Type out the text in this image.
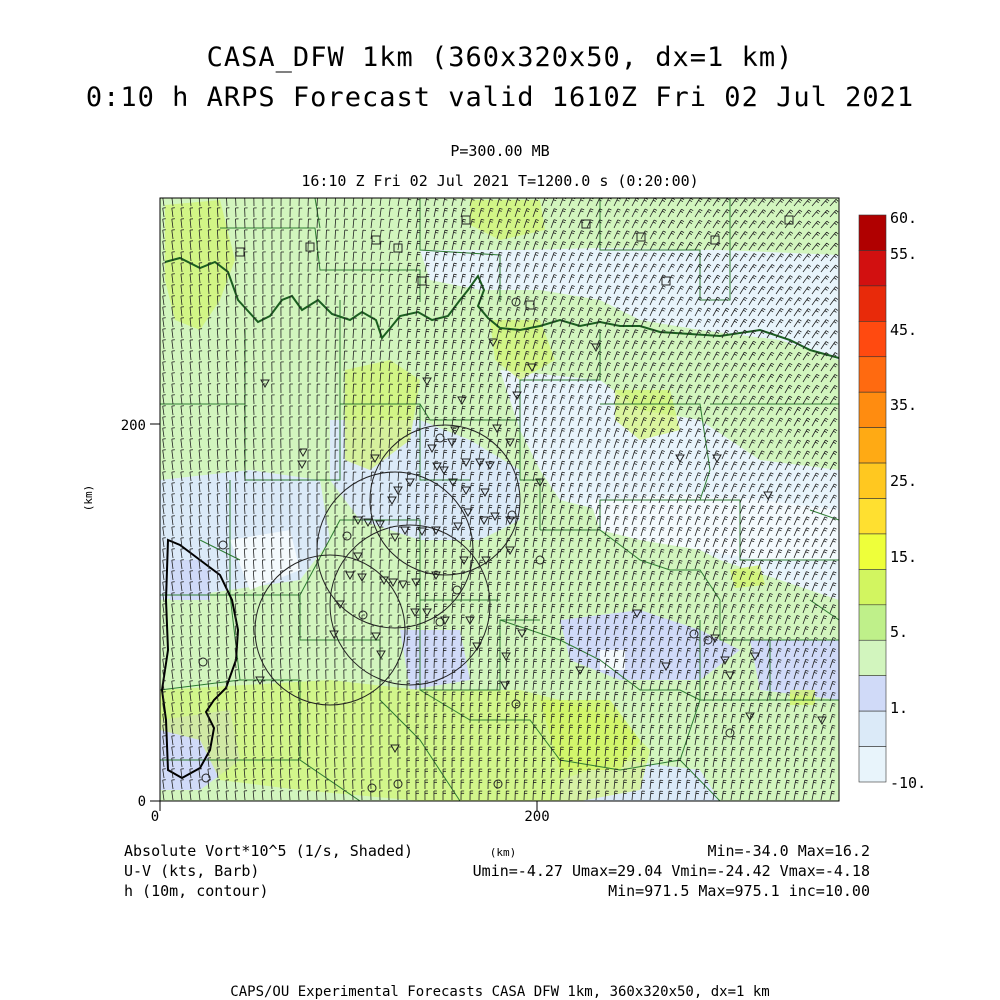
CASA_DFW 1km (360x320x50, dx=1 km)
0:10 h ARPS Forecast valid 1610Z Fri 02 Jul 2021
P=300.00 MB
16:10 Z Fri 02 Jul 2021 T=1200.0 s (0:20:00)
0	200
0
200
(km)
(km)
60.
55.
45.
35.
25.
15.
5.
1.
-10.
Absolute Vort*10^5 (1/s, Shaded)	Min=-34.0 Max=16.2
U-V (kts, Barb)	Umin=-4.27 Umax=29.04 Vmin=-24.42 Vmax=-4.18
h (10m, contour)	Min=971.5 Max=975.1 inc=10.00
CAPS/OU Experimental Forecasts CASA DFW 1km, 360x320x50, dx=1 km
